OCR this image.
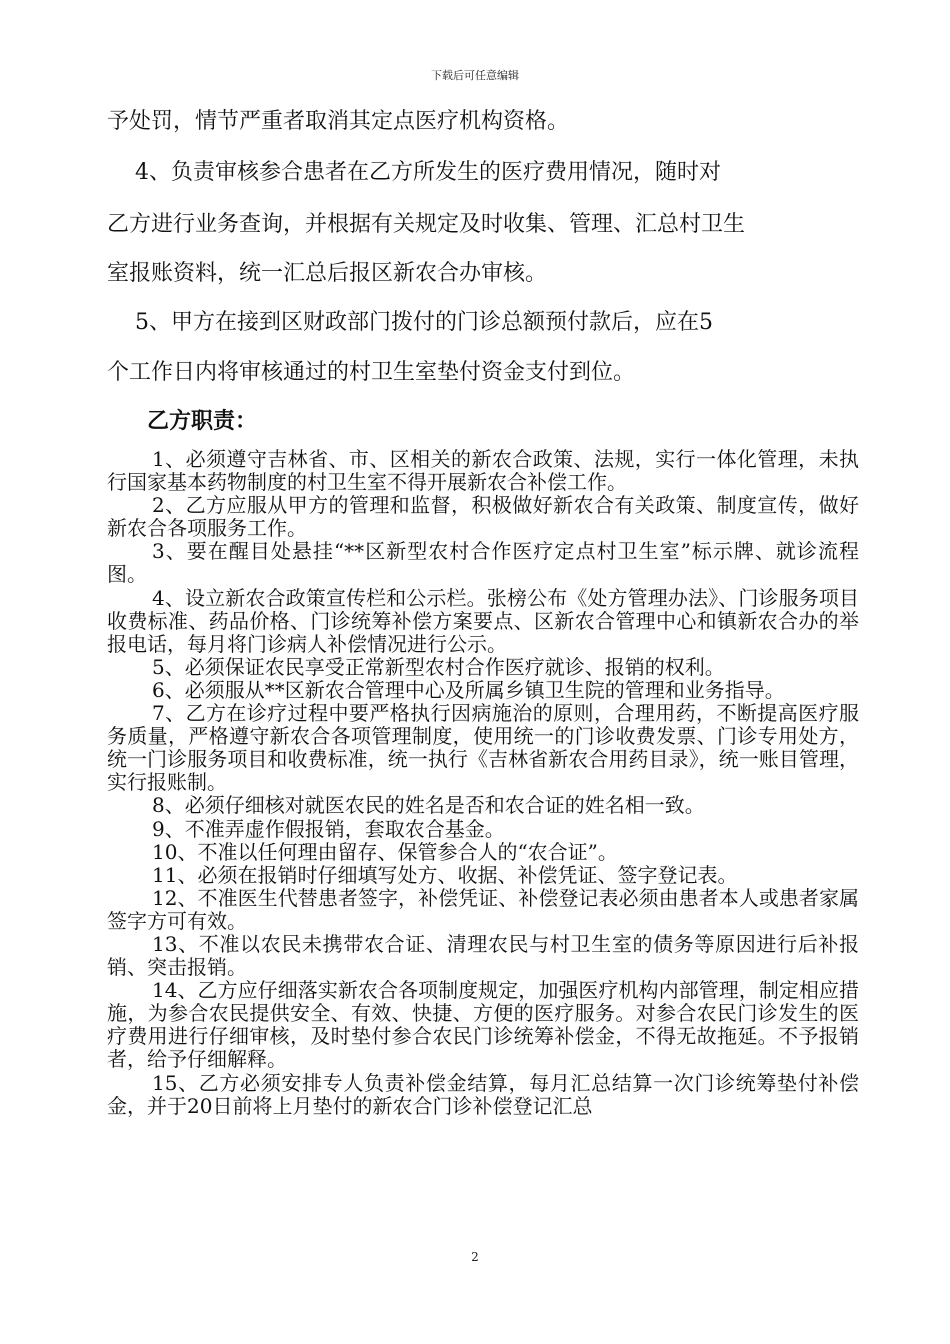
下载后可任意编辑
予处罚，情节严重者取消其定点医疗机构资格。
4、负责审核参合患者在乙方所发生的医疗费用情况，随时对
乙方进行业务查询，并根据有关规定及时收集、管理、汇总村卫生
室报账资料，统一汇总后报区新农合办审核。
5、甲方在接到区财政部门拨付的门诊总额预付款后，应在5
个工作日内将审核通过的村卫生室垫付资金支付到位。
乙方职责：

1、必须遵守吉林省、市、区相关的新农合政策、法规，实行一体化管理，未执行国家基本药物制度的村卫生室不得开展新农合补偿工作。

2、乙方应服从甲方的管理和监督，积极做好新农合有关政策、制度宣传，做好新农合各项服务工作。

3、要在醒目处悬挂“**区新型农村合作医疗定点村卫生室”标示牌、就诊流程图。

4、设立新农合政策宣传栏和公示栏。张榜公布《处方管理办法》、门诊服务项目收费标准、药品价格、门诊统筹补偿方案要点、区新农合管理中心和镇新农合办的举报电话，每月将门诊病人补偿情况进行公示。

5、必须保证农民享受正常新型农村合作医疗就诊、报销的权利。

6、必须服从**区新农合管理中心及所属乡镇卫生院的管理和业务指导。

7、乙方在诊疗过程中要严格执行因病施治的原则，合理用药，不断提高医疗服务质量，严格遵守新农合各项管理制度，使用统一的门诊收费发票、门诊专用处方，统一门诊服务项目和收费标准，统一执行《吉林省新农合用药目录》，统一账目管理，实行报账制。

8、必须仔细核对就医农民的姓名是否和农合证的姓名相一致。

9、不准弄虚作假报销，套取农合基金。

10、不准以任何理由留存、保管参合人的“农合证”。

11、必须在报销时仔细填写处方、收据、补偿凭证、签字登记表。

12、不准医生代替患者签字，补偿凭证、补偿登记表必须由患者本人或患者家属签字方可有效。

13、不准以农民未携带农合证、清理农民与村卫生室的债务等原因进行后补报销、突击报销。

14、乙方应仔细落实新农合各项制度规定，加强医疗机构内部管理，制定相应措施，为参合农民提供安全、有效、快捷、方便的医疗服务。对参合农民门诊发生的医疗费用进行仔细审核，及时垫付参合农民门诊统筹补偿金，不得无故拖延。不予报销者，给予仔细解释。

15、乙方必须安排专人负责补偿金结算，每月汇总结算一次门诊统筹垫付补偿金，并于20日前将上月垫付的新农合门诊补偿登记汇总

2
